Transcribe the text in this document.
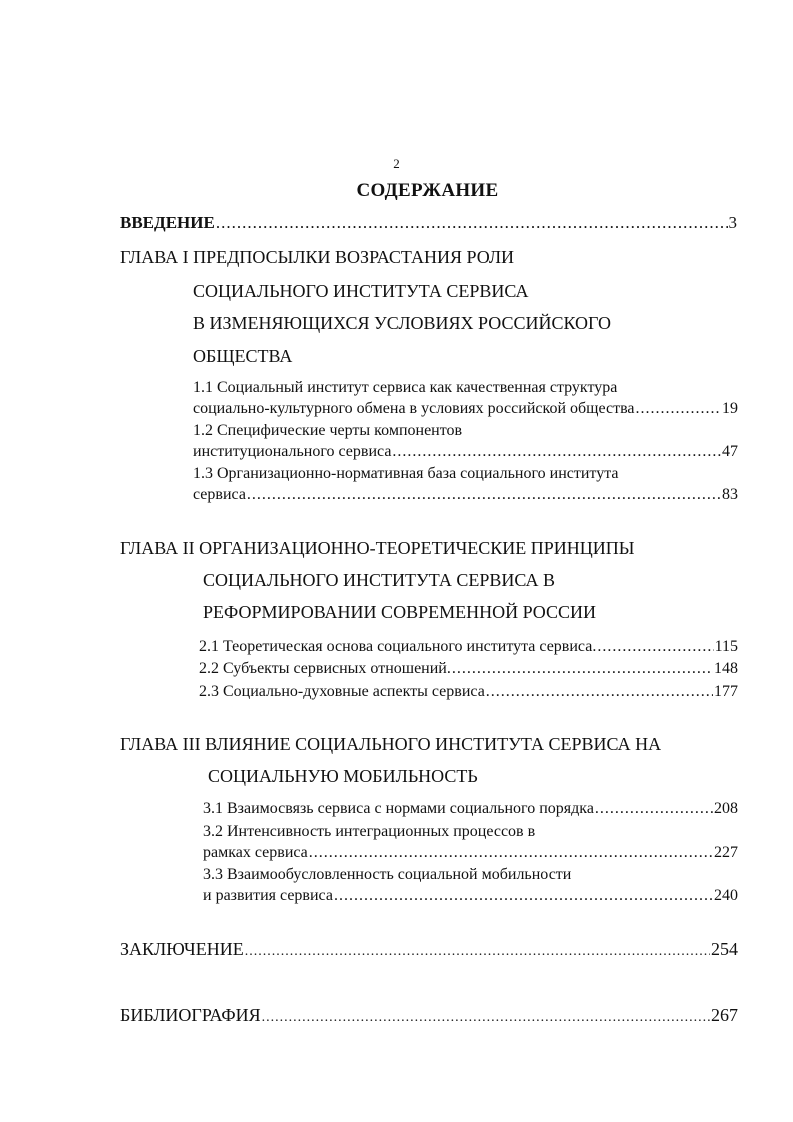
2
СОДЕРЖАНИЕ
ВВЕДЕНИЕ .....	3
ГЛАВА I ПРЕДПОСЫЛКИ ВОЗРАСТАНИЯ РОЛИ
СОЦИАЛЬНОГО ИНСТИТУТА СЕРВИСА
В ИЗМЕНЯЮЩИХСЯ УСЛОВИЯХ РОССИЙСКОГО
ОБЩЕСТВА
1.1 Социальный институт сервиса как качественная структура
социально-культурного обмена в условиях российской общества .....	19
1.2 Специфические черты компонентов
институционального сервиса .....	47
1.3 Организационно-нормативная база социального института
сервиса .....	83
ГЛАВА II ОРГАНИЗАЦИОННО-ТЕОРЕТИЧЕСКИЕ ПРИНЦИПЫ
СОЦИАЛЬНОГО ИНСТИТУТА СЕРВИСА В
РЕФОРМИРОВАНИИ СОВРЕМЕННОЙ РОССИИ
2.1 Теоретическая основа социального института сервиса. .....	115
2.2 Субъекты сервисных отношений. .....	148
2.3 Социально-духовные аспекты сервиса .....	177
ГЛАВА III ВЛИЯНИЕ СОЦИАЛЬНОГО ИНСТИТУТА СЕРВИСА НА
СОЦИАЛЬНУЮ МОБИЛЬНОСТЬ
3.1 Взаимосвязь сервиса с нормами социального порядка .....	208
3.2 Интенсивность интеграционных процессов в
рамках сервиса .....	227
3.3 Взаимообусловленность социальной мобильности
и развития сервиса .....	240
ЗАКЛЮЧЕНИЕ .....	254
БИБЛИОГРАФИЯ .....	267
